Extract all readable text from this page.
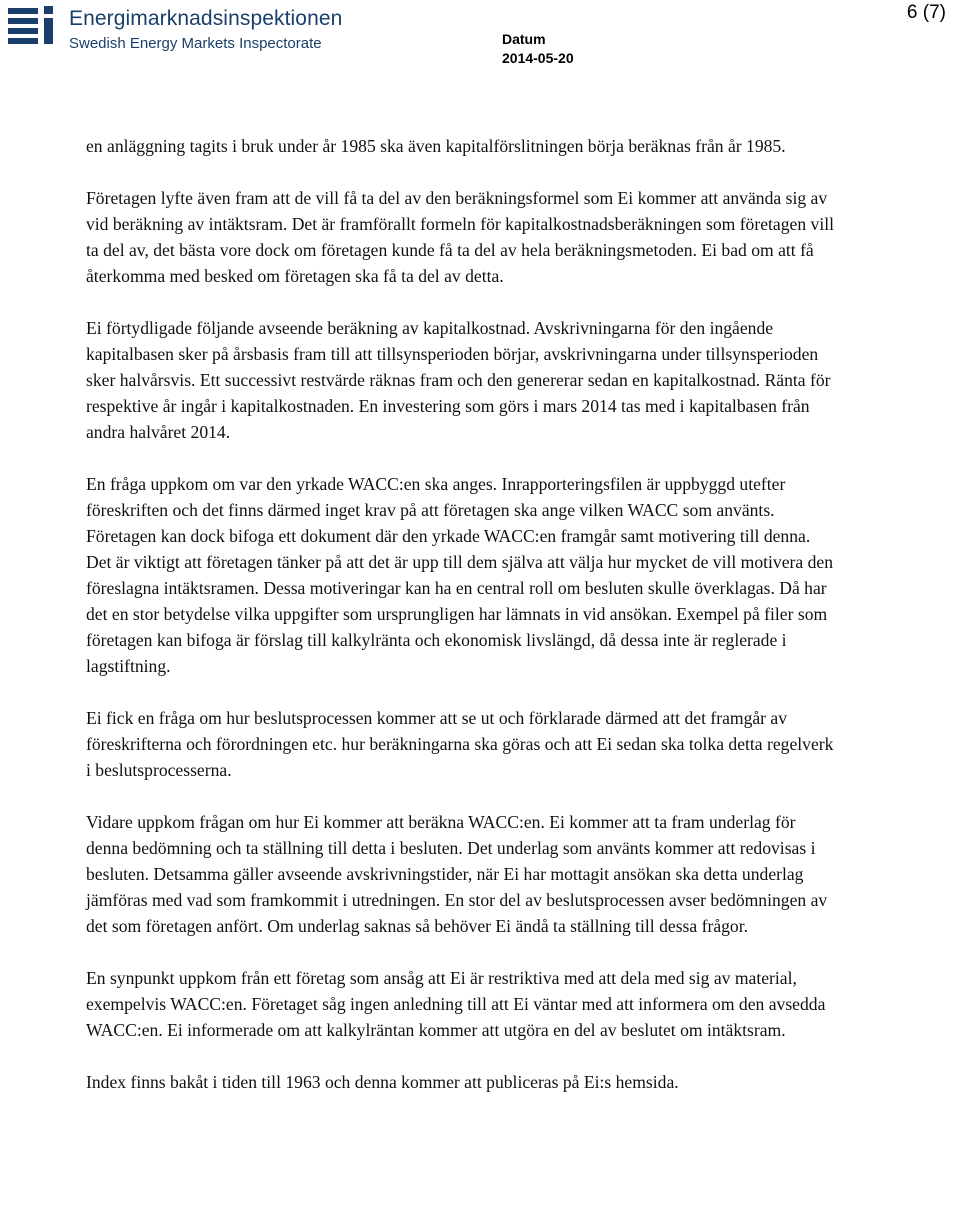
Energimarknadsinspektionen
Swedish Energy Markets Inspectorate	Datum
2014-05-20
6 (7)

en anläggning tagits i bruk under år 1985 ska även kapitalförslitningen börja beräknas från år 1985.

Företagen lyfte även fram att de vill få ta del av den beräkningsformel som Ei kommer att använda sig av vid beräkning av intäktsram. Det är framförallt formeln för kapitalkostnadsberäkningen som företagen vill ta del av, det bästa vore dock om företagen kunde få ta del av hela beräkningsmetoden. Ei bad om att få återkomma med besked om företagen ska få ta del av detta.

Ei förtydligade följande avseende beräkning av kapitalkostnad. Avskrivningarna för den ingående kapitalbasen sker på årsbasis fram till att tillsynsperioden börjar, avskrivningarna under tillsynsperioden sker halvårsvis. Ett successivt restvärde räknas fram och den genererar sedan en kapitalkostnad. Ränta för respektive år ingår i kapitalkostnaden. En investering som görs i mars 2014 tas med i kapitalbasen från andra halvåret 2014.

En fråga uppkom om var den yrkade WACC:en ska anges. Inrapporteringsfilen är uppbyggd utefter föreskriften och det finns därmed inget krav på att företagen ska ange vilken WACC som använts. Företagen kan dock bifoga ett dokument där den yrkade WACC:en framgår samt motivering till denna. Det är viktigt att företagen tänker på att det är upp till dem själva att välja hur mycket de vill motivera den föreslagna intäktsramen. Dessa motiveringar kan ha en central roll om besluten skulle överklagas. Då har det en stor betydelse vilka uppgifter som ursprungligen har lämnats in vid ansökan. Exempel på filer som företagen kan bifoga är förslag till kalkylränta och ekonomisk livslängd, då dessa inte är reglerade i lagstiftning.

Ei fick en fråga om hur beslutsprocessen kommer att se ut och förklarade därmed att det framgår av föreskrifterna och förordningen etc. hur beräkningarna ska göras och att Ei sedan ska tolka detta regelverk i beslutsprocesserna.

Vidare uppkom frågan om hur Ei kommer att beräkna WACC:en. Ei kommer att ta fram underlag för denna bedömning och ta ställning till detta i besluten. Det underlag som använts kommer att redovisas i besluten. Detsamma gäller avseende avskrivningstider, när Ei har mottagit ansökan ska detta underlag jämföras med vad som framkommit i utredningen. En stor del av beslutsprocessen avser bedömningen av det som företagen anfört. Om underlag saknas så behöver Ei ändå ta ställning till dessa frågor.

En synpunkt uppkom från ett företag som ansåg att Ei är restriktiva med att dela med sig av material, exempelvis WACC:en. Företaget såg ingen anledning till att Ei väntar med att informera om den avsedda WACC:en. Ei informerade om att kalkylräntan kommer att utgöra en del av beslutet om intäktsram.

Index finns bakåt i tiden till 1963 och denna kommer att publiceras på Ei:s hemsida.
